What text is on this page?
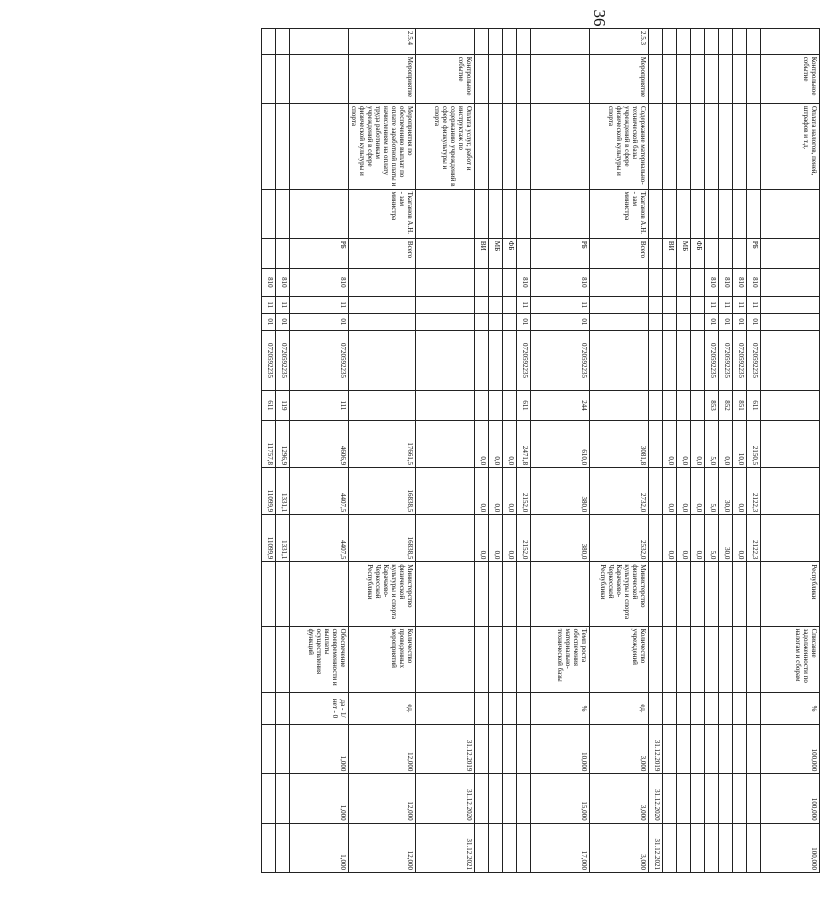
36
	Контрольное событие	Оплата налогов, пеней, штрафов и т.д.											Республики	Списание задолженности по налогам и сборам	%	100,000	100,000	100,000
				РБ	810	11	01	0720592235	611	2150,5	2122,3	2122,3						
					810	11	01	0720592235	851	10,0	0,0	0,0						
					810	11	01	0720592235	852	0,0	30,0	30,0						
					810	11	01	0720592235	853	5,0	5,0	5,0						
				ФБ						0,0	0,0	0,0						
				МБ						0,0	0,0	0,0						
				ВИ						0,0	0,0	0,0						
																31.12.2019	31.12.2020	31.12.2021
2.5.3	Мероприятие	Содержание материально-технической базы учреждений в сфере физической культуры и спорта	Ткаганов А.Н. - зам министра	Всего						3081,8	2732,0	2532,0	Министерство физической культуры и спорта Карачаево-Черкесской Республики	Количество учреждений	ед.	3,000	3,000	3,000
				РБ	810	11	01	0720592235	244	610,0	380,0	380,0		Темп роста обеспечения материально-технической базы	%	10,000	15,000	17,000
					810	11	01	0720592235	611	2471,8	2152,0	2152,0						
				ФБ						0,0	0,0	0,0						
				МБ						0,0	0,0	0,0						
				ВИ						0,0	0,0	0,0						
	Контрольное событие	Оплата услуг, работ и инструктаж по содержанию учреждений в сфере физкультуры и спорта														31.12.2019	31.12.2020	31.12.2021
2.5.4	Мероприятие	Мероприятия по обеспечению выплат по оплате заработной платы и начислениям на оплату труда работникам учреждений в сфере физической культуры и спорта	Ткаганов А.Н. - зам министра	Всего						17661,5	16838,5	16838,5	Министерство физической культуры и спорта Карачаево-Черкесской Республики	Количество проведенных мероприятий	ед.	12,000	12,000	12,000
				РБ	810	11	01	0720592235	111	4606,9	4407,5	4407,5		Обеспечение своевременности и выплаты осуществления функций	да - 1/нет - 0	1,000	1,000	1,000
					810	11	01	0720592235	119	1296,9	1331,1	1331,1						
					810	11	01	0720592235	611	11757,8	11099,9	11099,9						
